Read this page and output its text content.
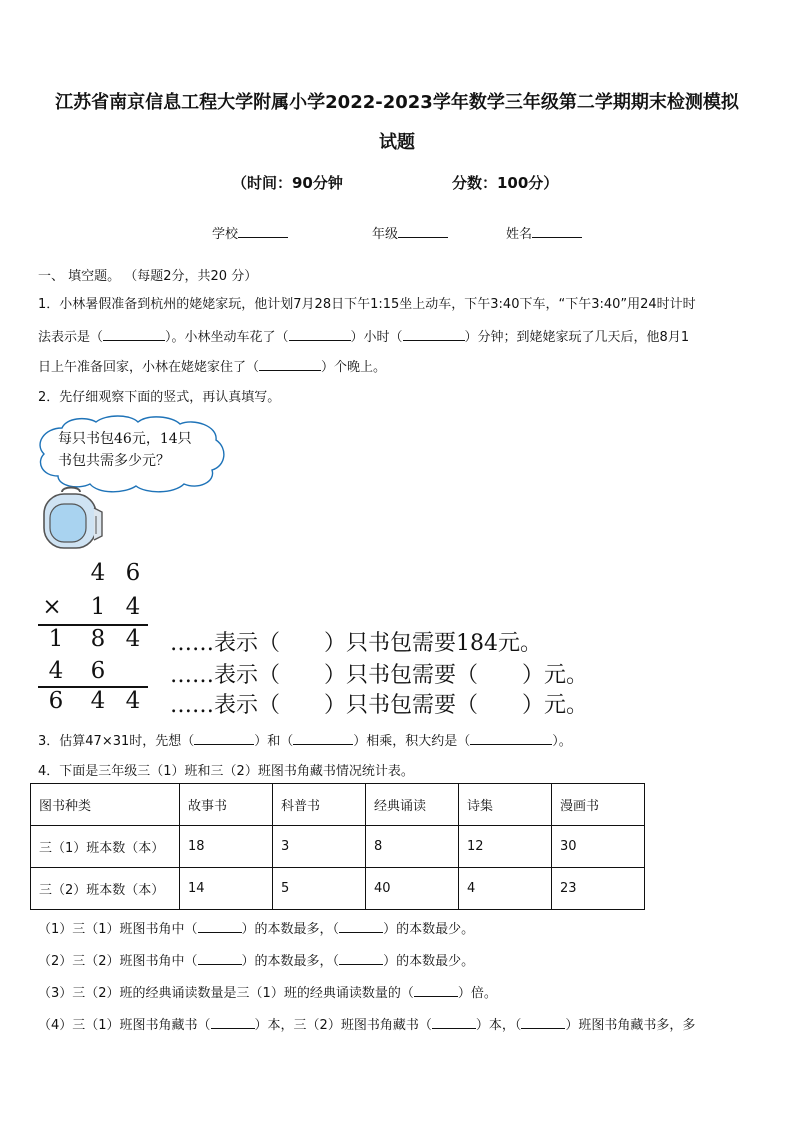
江苏省南京信息工程大学附属小学2022-2023学年数学三年级第二学期期末检测模拟
试题
（时间：90分钟	分数：100分）
学校	年级	姓名
一、 填空题。 （每题2分，共20 分）
1．小林暑假准备到杭州的姥姥家玩，他计划7月28日下午1:15坐上动车，下午3:40下车，“下午3:40”用24时计时
法表示是（	）。小林坐动车花了（	）小时（	）分钟；到姥姥家玩了几天后，他8月1
日上午准备回家，小林在姥姥家住了（	）个晚上。
2．先仔细观察下面的竖式，再认真填写。
每只书包46元，14只
书包共需多少元？
4 6
× 1 4
1 8 4
4 6
6 4 4
……表示（　　）只书包需要184元。
……表示（　　）只书包需要（　　）元。
……表示（　　）只书包需要（　　）元。
3．估算47×31时，先想（	）和（	）相乘，积大约是（	）。
4．下面是三年级三（1）班和三（2）班图书角藏书情况统计表。
图书种类	故事书	科普书	经典诵读	诗集	漫画书
三（1）班本数（本）	18	3	8	12	30
三（2）班本数（本）	14	5	40	4	23
（1）三（1）班图书角中（	）的本数最多，（	）的本数最少。
（2）三（2）班图书角中（	）的本数最多，（	）的本数最少。
（3）三（2）班的经典诵读数量是三（1）班的经典诵读数量的（	）倍。
（4）三（1）班图书角藏书（	）本，三（2）班图书角藏书（	）本，（	）班图书角藏书多，多
